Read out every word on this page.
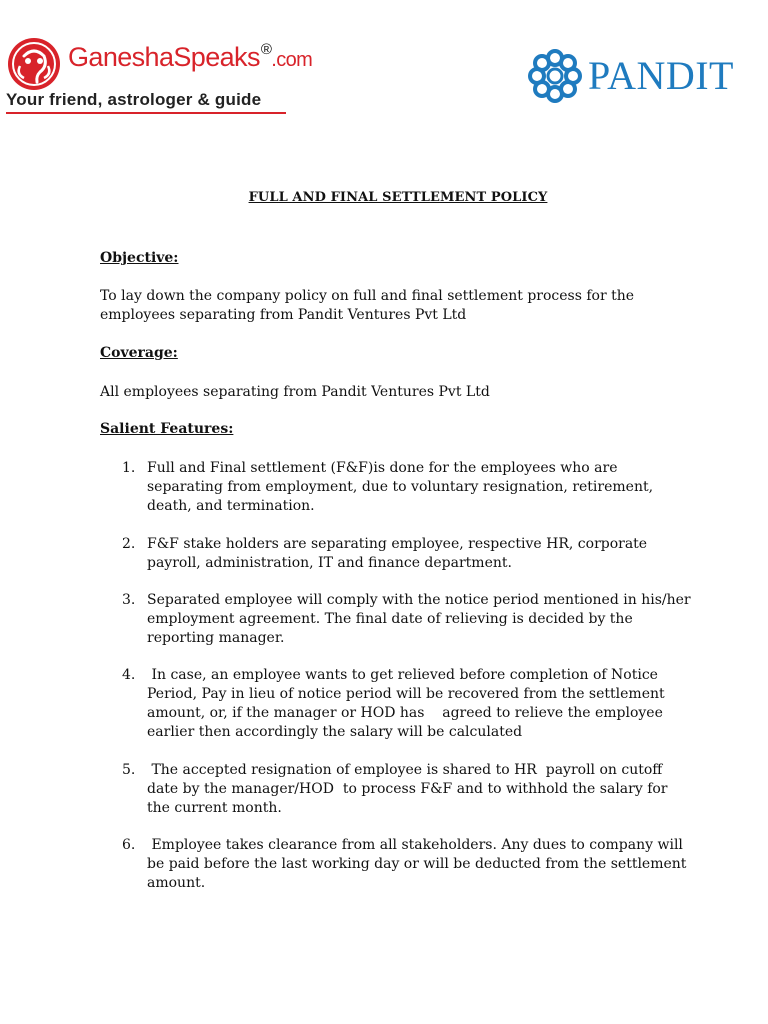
GaneshaSpeaks®.com
Your friend, astrologer & guide
PANDIT
FULL AND FINAL SETTLEMENT POLICY
Objective:
To lay down the company policy on full and final settlement process for the
employees separating from Pandit Ventures Pvt Ltd
Coverage:
All employees separating from Pandit Ventures Pvt Ltd
Salient Features:
1. Full and Final settlement (F&F)is done for the employees who are
separating from employment, due to voluntary resignation, retirement,
death, and termination.
2. F&F stake holders are separating employee, respective HR, corporate
payroll, administration, IT and finance department.
3. Separated employee will comply with the notice period mentioned in his/her
employment agreement. The final date of relieving is decided by the
reporting manager.
4. In case, an employee wants to get relieved before completion of Notice
Period, Pay in lieu of notice period will be recovered from the settlement
amount, or, if the manager or HOD has    agreed to relieve the employee
earlier then accordingly the salary will be calculated
5. The accepted resignation of employee is shared to HR  payroll on cutoff
date by the manager/HOD  to process F&F and to withhold the salary for
the current month.
6. Employee takes clearance from all stakeholders. Any dues to company will
be paid before the last working day or will be deducted from the settlement
amount.
